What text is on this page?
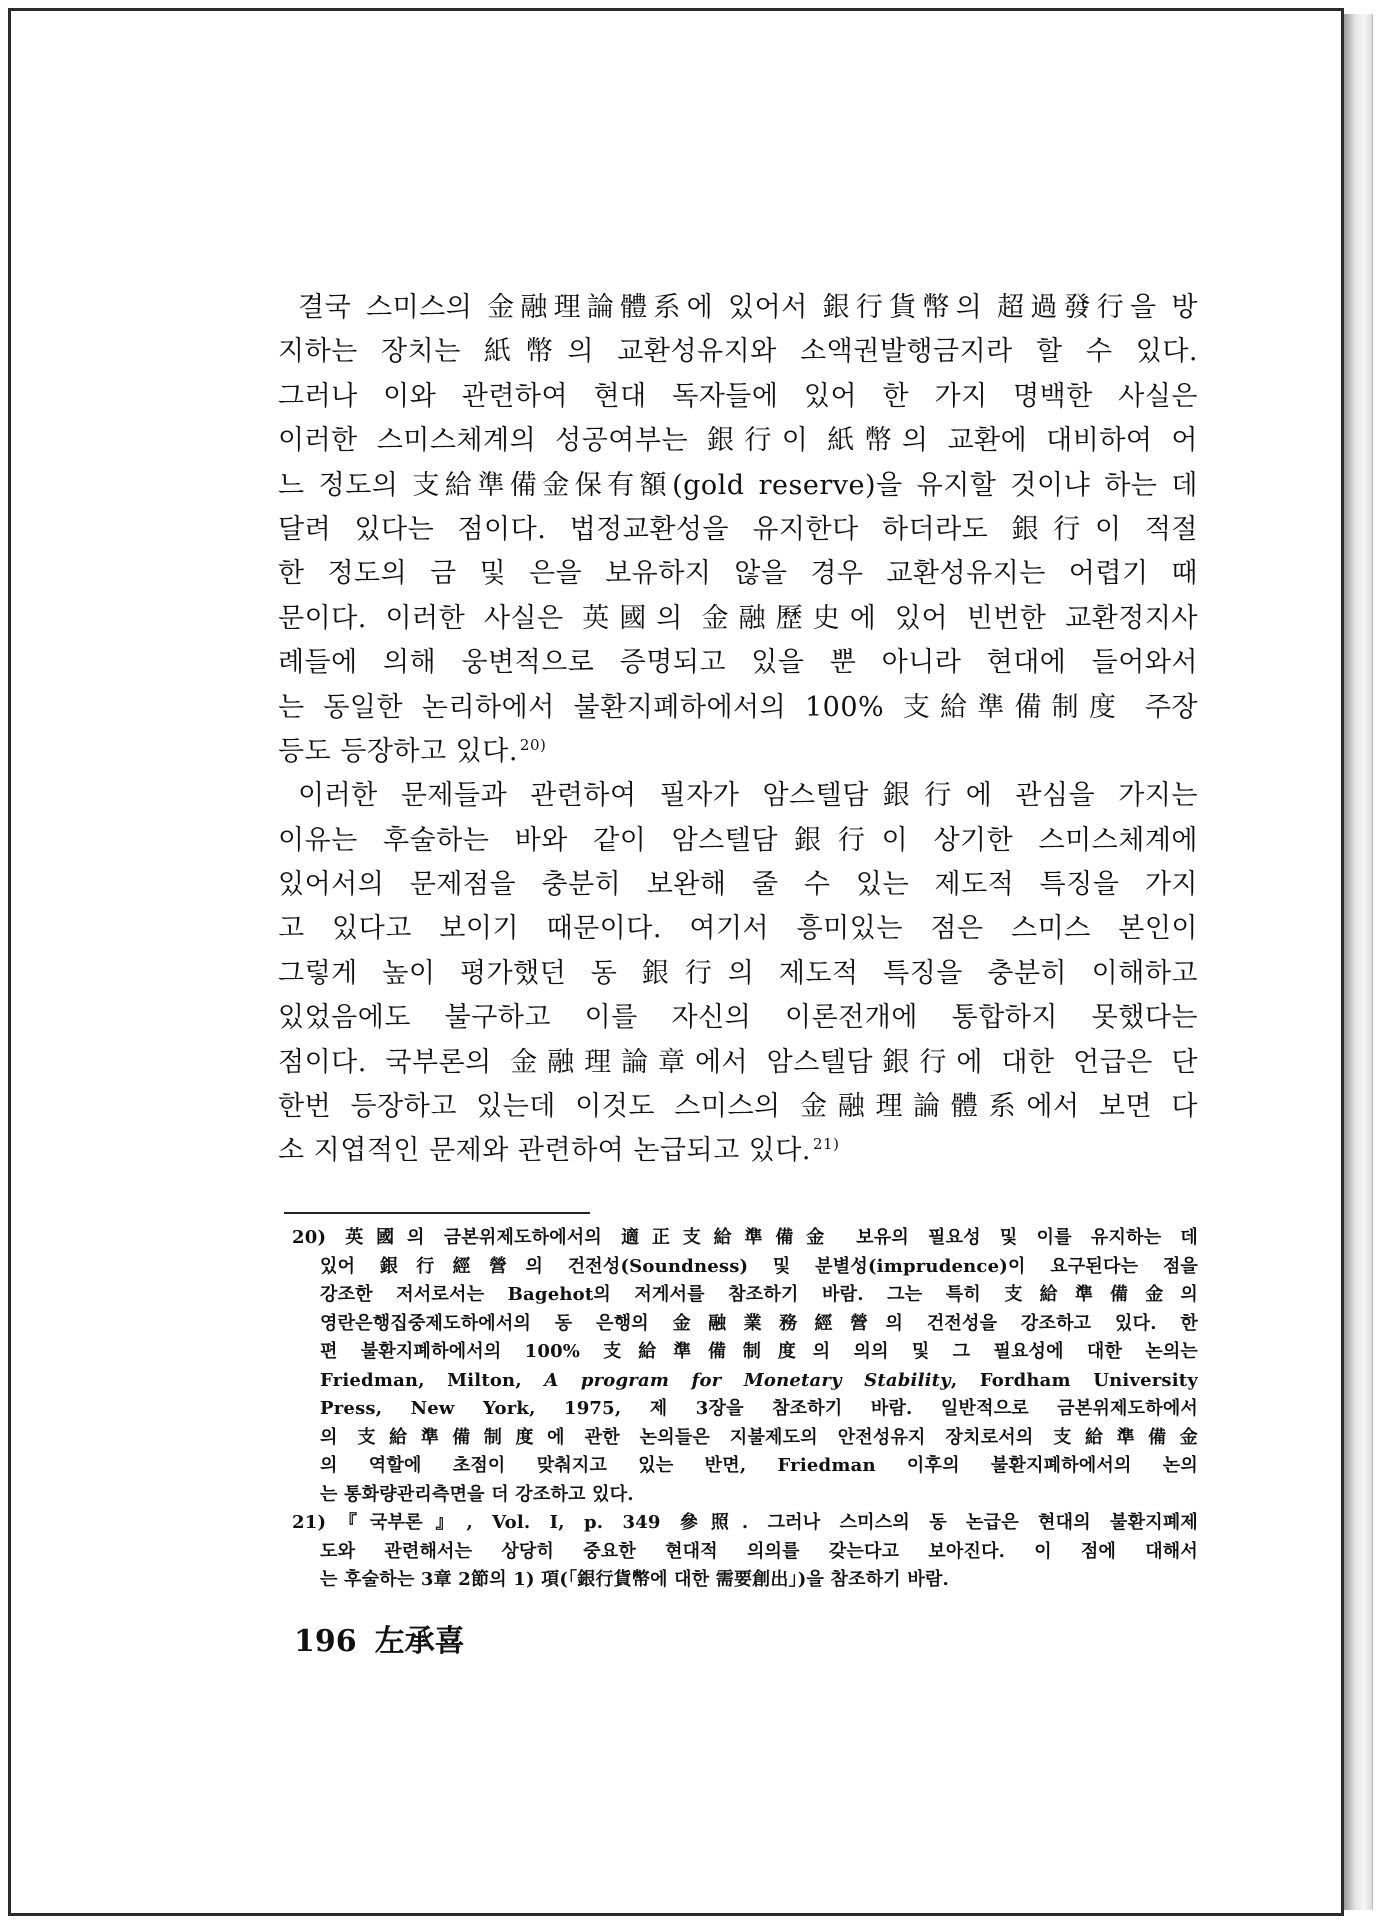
결국 스미스의 金融理論體系에 있어서 銀行貨幣의 超過發行을 방
지하는 장치는 紙幣의 교환성유지와 소액권발행금지라 할 수 있다.
그러나 이와 관련하여 현대 독자들에 있어 한 가지 명백한 사실은
이러한 스미스체계의 성공여부는 銀行이 紙幣의 교환에 대비하여 어
느 정도의 支給準備金保有額(gold reserve)을 유지할 것이냐 하는 데
달려 있다는 점이다. 법정교환성을 유지한다 하더라도 銀行이 적절
한 정도의 금 및 은을 보유하지 않을 경우 교환성유지는 어렵기 때
문이다. 이러한 사실은 英國의 金融歷史에 있어 빈번한 교환정지사
례들에 의해 웅변적으로 증명되고 있을 뿐 아니라 현대에 들어와서
는 동일한 논리하에서 불환지폐하에서의 100% 支給準備制度 주장
등도 등장하고 있다. $^{20)}$
이러한 문제들과 관련하여 필자가 암스텔담銀行에 관심을 가지는
이유는 후술하는 바와 같이 암스텔담銀行이 상기한 스미스체계에
있어서의 문제점을 충분히 보완해 줄 수 있는 제도적 특징을 가지
고 있다고 보이기 때문이다. 여기서 흥미있는 점은 스미스 본인이
그렇게 높이 평가했던 동 銀行의 제도적 특징을 충분히 이해하고
있었음에도 불구하고 이를 자신의 이론전개에 통합하지 못했다는
점이다. 국부론의 金融理論章에서 암스텔담銀行에 대한 언급은 단
한번 등장하고 있는데 이것도 스미스의 金融理論體系에서 보면 다
소 지엽적인 문제와 관련하여 논급되고 있다. $^{21)}$
20) 英國의 금본위제도하에서의 適正支給準備金 보유의 필요성 및 이를 유지하는 데
있어 銀行經營의 건전성(Soundness) 및 분별성(imprudence)이 요구된다는 점을
강조한 저서로서는 Bagehot의 저게서를 참조하기 바람. 그는 특히 支給準備金의
영란은행집중제도하에서의 동 은행의 金融業務經營의 건전성을 강조하고 있다. 한
편 불환지폐하에서의 100% 支給準備制度의 의의 및 그 필요성에 대한 논의는
Friedman, Milton, A program for Monetary Stability, Fordham University
Press, New York, 1975, 제 3장을 참조하기 바람. 일반적으로 금본위제도하에서
의 支給準備制度에 관한 논의들은 지불제도의 안전성유지 장치로서의 支給準備金
의 역할에 초점이 맞춰지고 있는 반면, Friedman 이후의 불환지폐하에서의 논의
는 통화량관리측면을 더 강조하고 있다.
21)『국부론』, Vol. I, p. 349 參照. 그러나 스미스의 동 논급은 현대의 불환지폐제
도와 관련해서는 상당히 중요한 현대적 의의를 갖는다고 보아진다. 이 점에 대해서
는 후술하는 3章 2節의 1) 項(「銀行貨幣에 대한 需要創出」)을 참조하기 바람.
196 左承喜
